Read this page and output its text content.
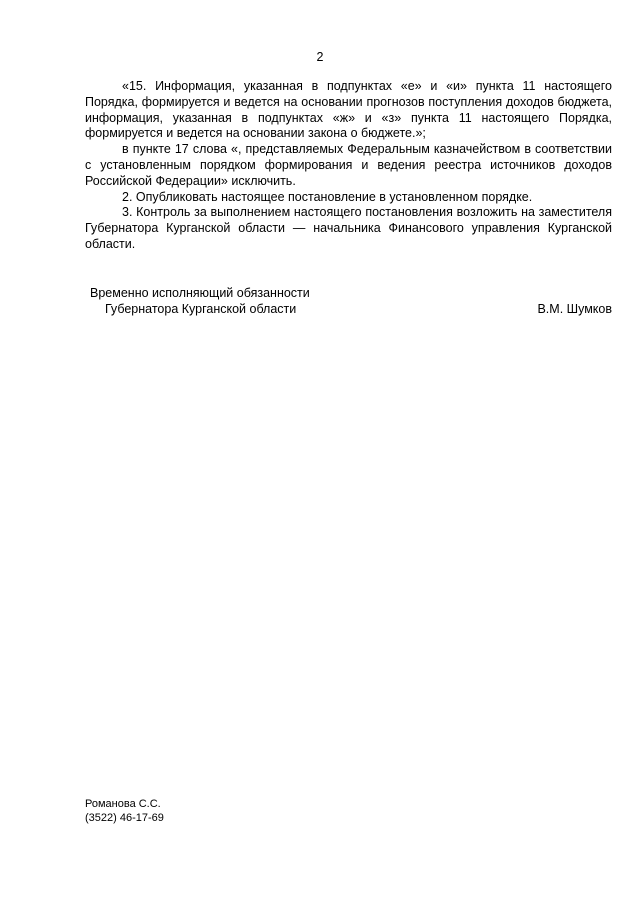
2

«15. Информация, указанная в подпунктах «е» и «и» пункта 11 настоящего Порядка, формируется и ведется на основании прогнозов поступления доходов бюджета, информация, указанная в подпунктах «ж» и «з» пункта 11 настоящего Порядка, формируется и ведется на основании закона о бюджете.»;

в пункте 17 слова «, представляемых Федеральным казначейством в соответствии с установленным порядком формирования и ведения реестра источников доходов Российской Федерации» исключить.

2. Опубликовать настоящее постановление в установленном порядке.

3. Контроль за выполнением настоящего постановления возложить на заместителя Губернатора Курганской области — начальника Финансового управления Курганской области.

Временно исполняющий обязанности
Губернатора Курганской области	В.М. Шумков
Романова С.С.
(3522) 46-17-69
